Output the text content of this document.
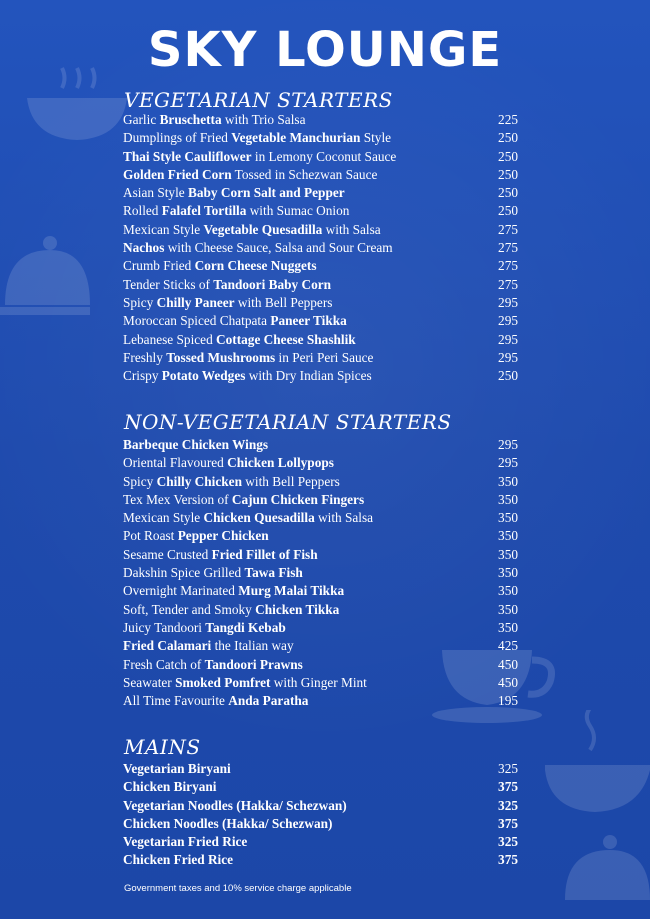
SKY LOUNGE
VEGETARIAN STARTERS
Garlic Bruschetta with Trio Salsa	225
Dumplings of Fried Vegetable Manchurian Style	250
Thai Style Cauliflower in Lemony Coconut Sauce	250
Golden Fried Corn Tossed in Schezwan Sauce	250
Asian Style Baby Corn Salt and Pepper	250
Rolled Falafel Tortilla with Sumac Onion	250
Mexican Style Vegetable Quesadilla with Salsa	275
Nachos with Cheese Sauce, Salsa and Sour Cream	275
Crumb Fried Corn Cheese Nuggets	275
Tender Sticks of Tandoori Baby Corn	275
Spicy Chilly Paneer with Bell Peppers	295
Moroccan Spiced Chatpata Paneer Tikka	295
Lebanese Spiced Cottage Cheese Shashlik	295
Freshly Tossed Mushrooms in Peri Peri Sauce	295
Crispy Potato Wedges with Dry Indian Spices	250
NON-VEGETARIAN STARTERS
Barbeque Chicken Wings	295
Oriental Flavoured Chicken Lollypops	295
Spicy Chilly Chicken with Bell Peppers	350
Tex Mex Version of Cajun Chicken Fingers	350
Mexican Style Chicken Quesadilla with Salsa	350
Pot Roast Pepper Chicken	350
Sesame Crusted Fried Fillet of Fish	350
Dakshin Spice Grilled Tawa Fish	350
Overnight Marinated Murg Malai Tikka	350
Soft, Tender and Smoky Chicken Tikka	350
Juicy Tandoori Tangdi Kebab	350
Fried Calamari the Italian way	425
Fresh Catch of Tandoori Prawns	450
Seawater Smoked Pomfret with Ginger Mint	450
All Time Favourite Anda Paratha	195
MAINS
Vegetarian Biryani	325
Chicken Biryani	375
Vegetarian Noodles (Hakka/ Schezwan)	325
Chicken Noodles (Hakka/ Schezwan)	375
Vegetarian Fried Rice	325
Chicken Fried Rice	375
Government taxes and 10% service charge applicable
